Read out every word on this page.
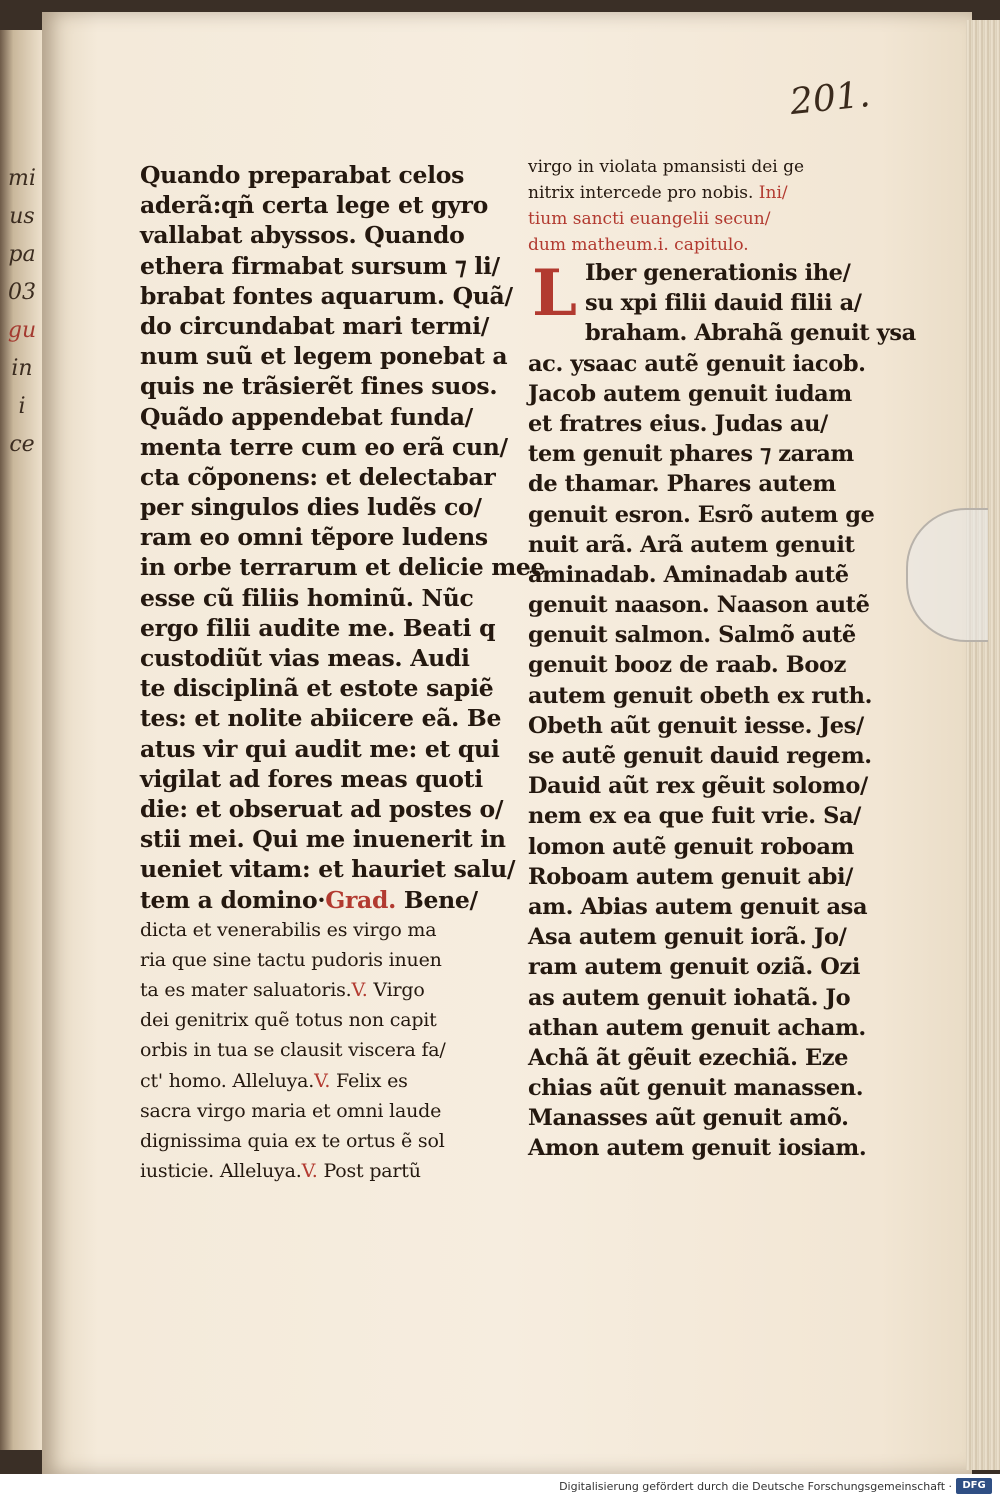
mi
us
pa
03
gu
in
i
ce
201.
Quando preparabat celos
aderã:qñ certa lege et gyro
vallabat abyssos. Quando
ethera firmabat sursum ⁊ li/
brabat fontes aquarum. Quã/
do circundabat mari termi/
num suũ et legem ponebat a
quis ne trãsierẽt fines suos.
Quãdo appendebat funda/
menta terre cum eo erã cun/
cta cõponens: et delectabar
per singulos dies ludẽs co/
ram eo omni tẽpore ludens
in orbe terrarum et delicie mee
esse cũ filiis hominũ. Nũc
ergo filii audite me. Beati q
custodiũt vias meas. Audi
te disciplinã et estote sapiẽ
tes: et nolite abiicere eã. Be
atus vir qui audit me: et qui
vigilat ad fores meas quoti
die: et obseruat ad postes o/
stii mei. Qui me inuenerit in
ueniet vitam: et hauriet salu/
tem a domino·Grad. Bene/
dicta et venerabilis es virgo ma
ria que sine tactu pudoris inuen
ta es mater saluatoris.V. Virgo
dei genitrix quẽ totus non capit
orbis in tua se clausit viscera fa/
ct' homo. Alleluya.V. Felix es
sacra virgo maria et omni laude
dignissima quia ex te ortus ẽ sol
iusticie. Alleluya.V. Post partũ
virgo in violata pmansisti dei ge
nitrix intercede pro nobis. Ini/
tium sancti euangelii secun/
dum matheum.i. capitulo.
L Iber generationis ihe/
su xpi filii dauid filii a/
braham. Abrahã genuit ysa
ac. ysaac autẽ genuit iacob.
Jacob autem genuit iudam
et fratres eius. Judas au/
tem genuit phares ⁊ zaram
de thamar. Phares autem
genuit esron. Esrõ autem ge
nuit arã. Arã autem genuit
aminadab. Aminadab autẽ
genuit naason. Naason autẽ
genuit salmon. Salmõ autẽ
genuit booz de raab. Booz
autem genuit obeth ex ruth.
Obeth aũt genuit iesse. Jes/
se autẽ genuit dauid regem.
Dauid aũt rex gẽuit solomo/
nem ex ea que fuit vrie. Sa/
lomon autẽ genuit roboam
Roboam autem genuit abi/
am. Abias autem genuit asa
Asa autem genuit iorã. Jo/
ram autem genuit oziã. Ozi
as autem genuit iohatã. Jo
athan autem genuit acham.
Achã ãt gẽuit ezechiã. Eze
chias aũt genuit manassen.
Manasses aũt genuit amõ.
Amon autem genuit iosiam.
Digitalisierung gefördert durch die Deutsche Forschungsgemeinschaft ·	DFG
